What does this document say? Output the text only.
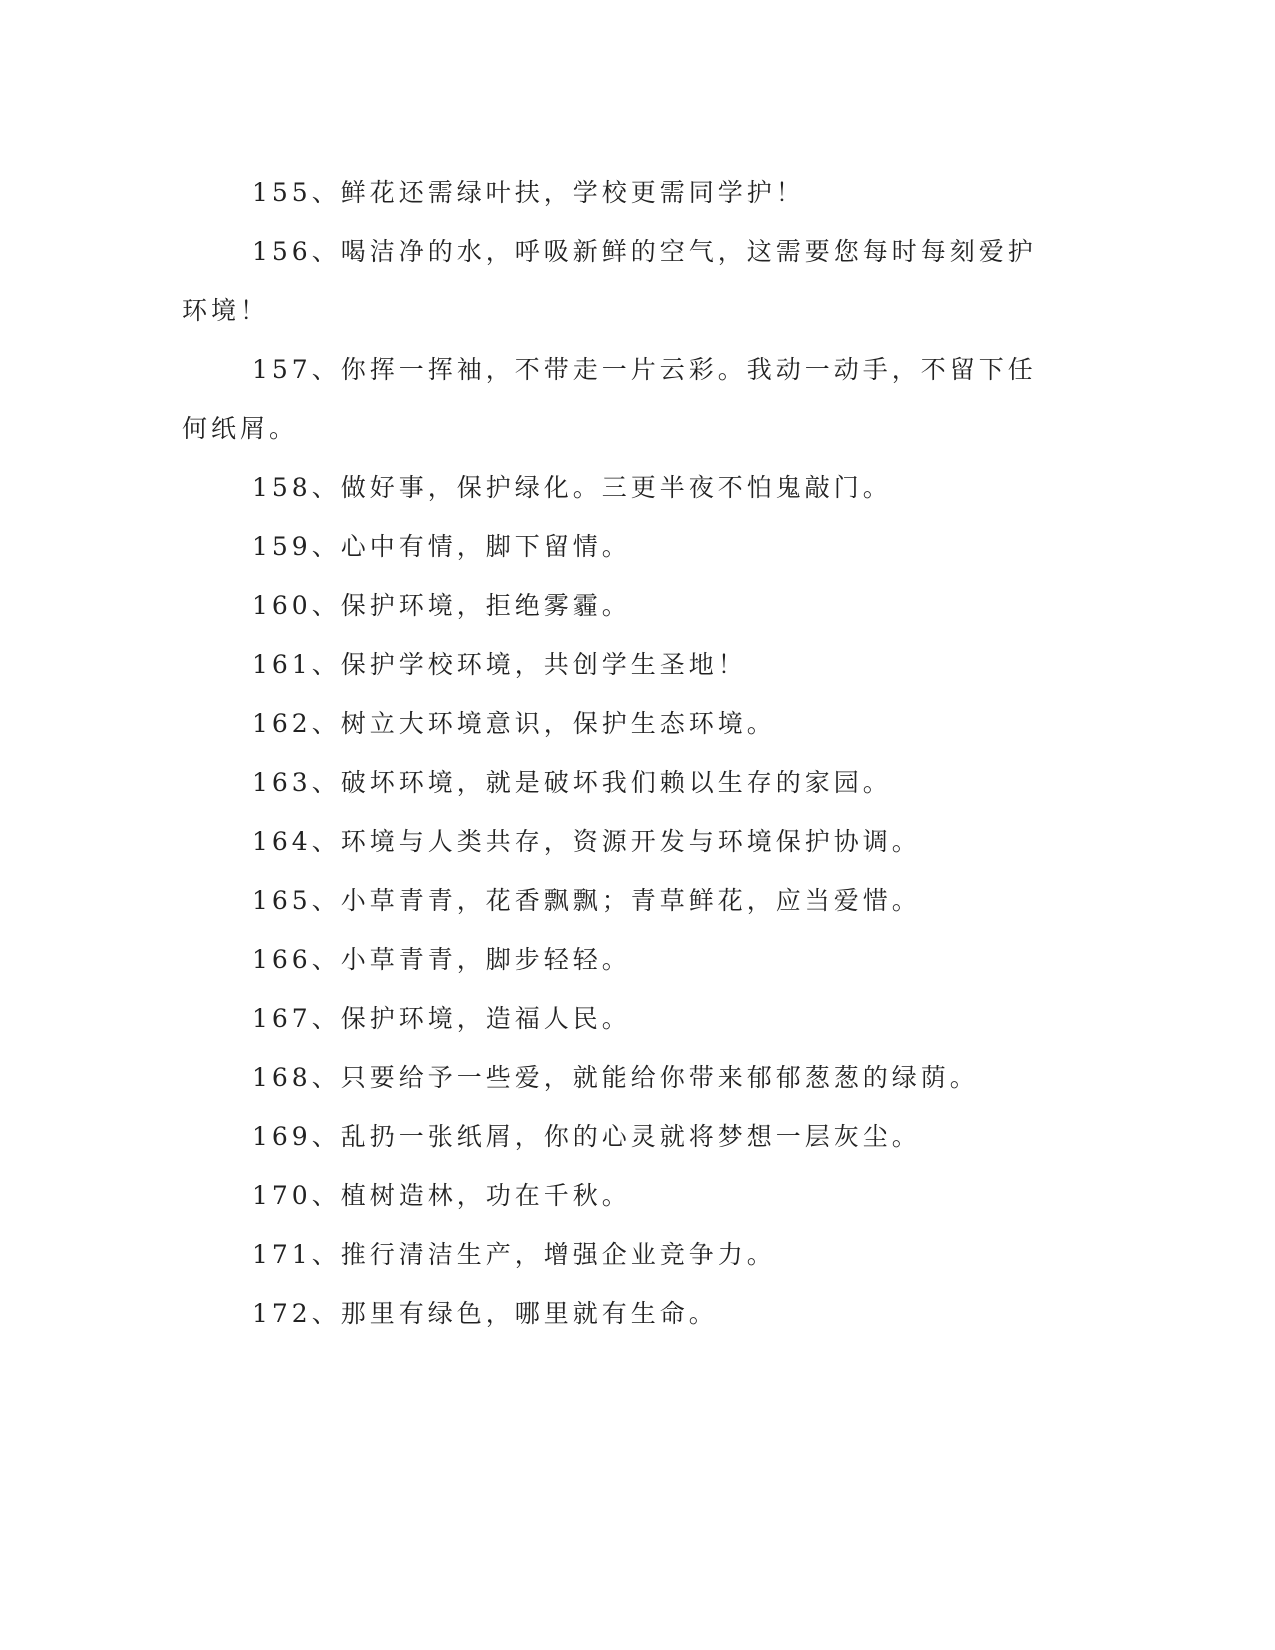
155、鲜花还需绿叶扶，学校更需同学护！

156、喝洁净的水，呼吸新鲜的空气，这需要您每时每刻爱护环境！

157、你挥一挥袖，不带走一片云彩。我动一动手，不留下任何纸屑。

158、做好事，保护绿化。三更半夜不怕鬼敲门。

159、心中有情，脚下留情。

160、保护环境，拒绝雾霾。

161、保护学校环境，共创学生圣地！

162、树立大环境意识，保护生态环境。

163、破坏环境，就是破坏我们赖以生存的家园。

164、环境与人类共存，资源开发与环境保护协调。

165、小草青青，花香飘飘；青草鲜花，应当爱惜。

166、小草青青，脚步轻轻。

167、保护环境，造福人民。

168、只要给予一些爱，就能给你带来郁郁葱葱的绿荫。

169、乱扔一张纸屑，你的心灵就将梦想一层灰尘。

170、植树造林，功在千秋。

171、推行清洁生产，增强企业竞争力。

172、那里有绿色，哪里就有生命。
